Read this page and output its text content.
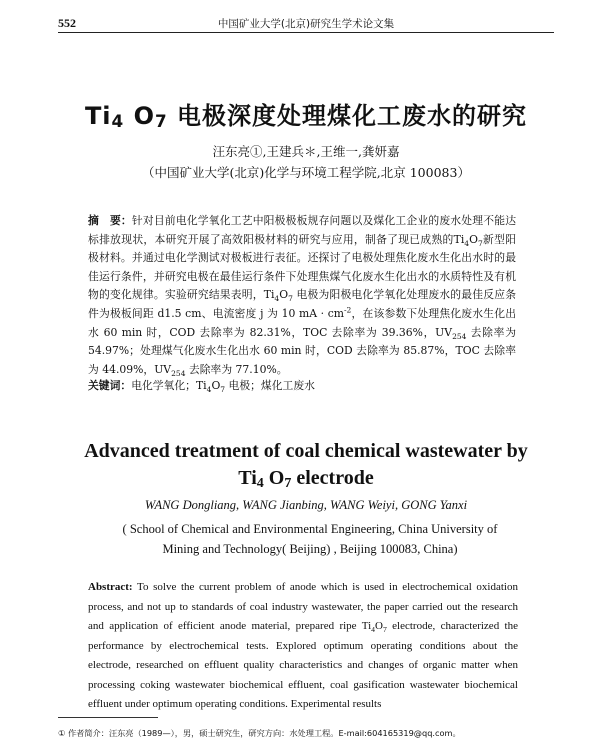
552	中国矿业大学(北京)研究生学术论文集
$Ti_4$ $O_7$ 电极深度处理煤化工废水的研究
汪东亮①,王建兵＊,王维一,龚妍嘉
（中国矿业大学(北京)化学与环境工程学院,北京 100083）
摘　要：针对目前电化学氧化工艺中阳极极板规存问题以及煤化工企业的废水处理不能达标排放现状，本研究开展了高效阳极材料的研究与应用，制备了现已成熟的$Ti_4O_7$新型阳极材料。并通过电化学测试对极板进行表征。还探讨了电极处理焦化废水生化出水时的最佳运行条件，并研究电极在最佳运行条件下处理焦煤气化废水生化出水的水质特性及有机物的变化规律。实验研究结果表明，$Ti_4O_7$ 电极为阳极电化学氧化处理废水的最佳反应条件为极板间距 d1.5 cm、电流密度 j 为 10 mA · $cm^{-2}$，在该参数下处理焦化废水生化出水 60 min 时，COD 去除率为 82.31%，TOC 去除率为 39.36%，$UV_{254}$ 去除率为 54.97%；处理煤气化废水生化出水 60 min 时，COD 去除率为 85.87%，TOC 去除率为 44.09%，$UV_{254}$ 去除率为 77.10%。
关键词：电化学氧化；$Ti_4O_7$ 电极；煤化工废水
Advanced treatment of coal chemical wastewater by
$Ti_4$ $O_7$ electrode
WANG Dongliang, WANG Jianbing, WANG Weiyi, GONG Yanxi
( School of Chemical and Environmental Engineering, China University of
Mining and Technology( Beijing) , Beijing 100083, China)
Abstract: To solve the current problem of anode which is used in electrochemical oxidation process, and not up to standards of coal industry wastewater, the paper carried out the research and application of efficient anode material, prepared ripe $Ti_4O_7$ electrode, characterized the performance by electrochemical tests. Explored optimum operating conditions about the electrode, researched on effluent quality characteristics and changes of organic matter when processing coking wastewater biochemical effluent, coal gasification wastewater biochemical effluent under optimum operating conditions. Experimental results
① 作者简介：汪东亮（1989—），男，硕士研究生，研究方向：水处理工程。E-mail:604165319@qq.com。
